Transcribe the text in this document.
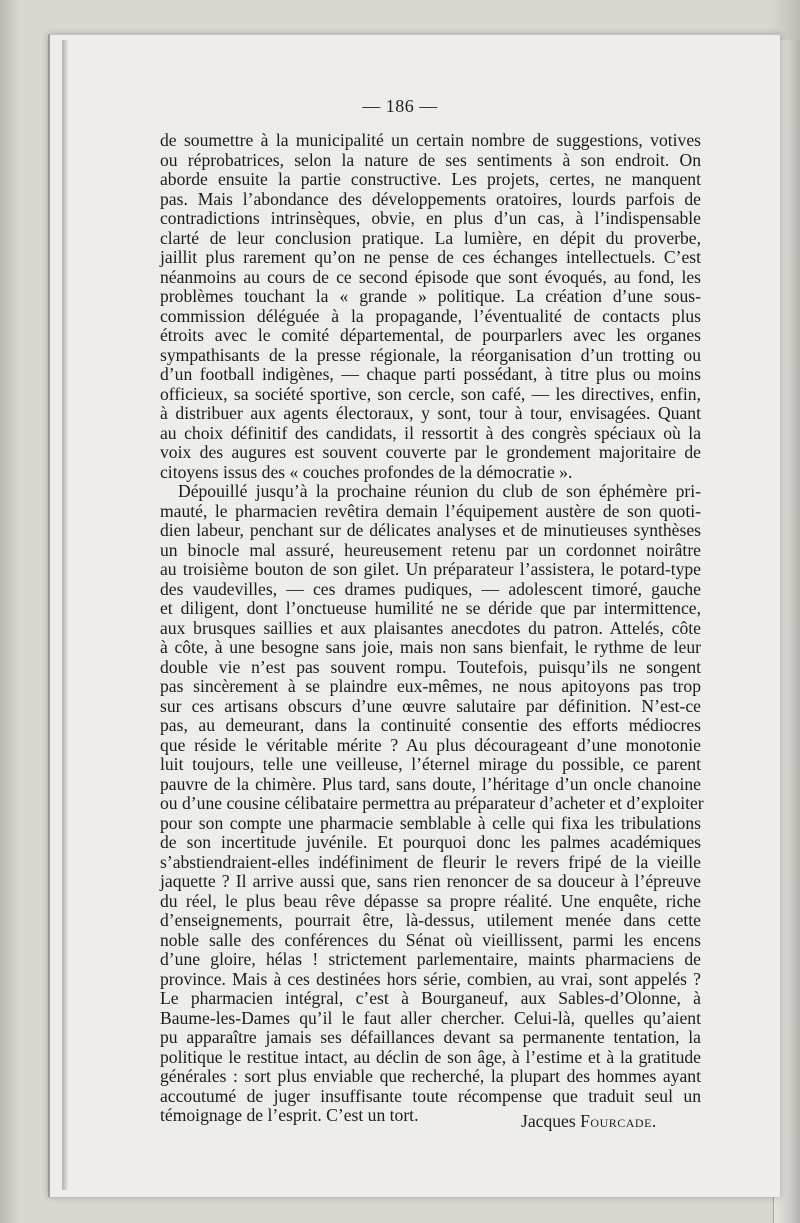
— 186 —
de soumettre à la municipalité un certain nombre de suggestions, votives
ou réprobatrices, selon la nature de ses sentiments à son endroit. On
aborde ensuite la partie constructive. Les projets, certes, ne manquent
pas. Mais l’abondance des développements oratoires, lourds parfois de
contradictions intrinsèques, obvie, en plus d’un cas, à l’indispensable
clarté de leur conclusion pratique. La lumière, en dépit du proverbe,
jaillit plus rarement qu’on ne pense de ces échanges intellectuels. C’est
néanmoins au cours de ce second épisode que sont évoqués, au fond, les
problèmes touchant la « grande » politique. La création d’une sous-
commission déléguée à la propagande, l’éventualité de contacts plus
étroits avec le comité départemental, de pourparlers avec les organes
sympathisants de la presse régionale, la réorganisation d’un trotting ou
d’un football indigènes, — chaque parti possédant, à titre plus ou moins
officieux, sa société sportive, son cercle, son café, — les directives, enfin,
à distribuer aux agents électoraux, y sont, tour à tour, envisagées. Quant
au choix définitif des candidats, il ressortit à des congrès spéciaux où la
voix des augures est souvent couverte par le grondement majoritaire de
citoyens issus des « couches profondes de la démocratie ».
Dépouillé jusqu’à la prochaine réunion du club de son éphémère pri-
mauté, le pharmacien revêtira demain l’équipement austère de son quoti-
dien labeur, penchant sur de délicates analyses et de minutieuses synthèses
un binocle mal assuré, heureusement retenu par un cordonnet noirâtre
au troisième bouton de son gilet. Un préparateur l’assistera, le potard-type
des vaudevilles, — ces drames pudiques, — adolescent timoré, gauche
et diligent, dont l’onctueuse humilité ne se déride que par intermittence,
aux brusques saillies et aux plaisantes anecdotes du patron. Attelés, côte
à côte, à une besogne sans joie, mais non sans bienfait, le rythme de leur
double vie n’est pas souvent rompu. Toutefois, puisqu’ils ne songent
pas sincèrement à se plaindre eux-mêmes, ne nous apitoyons pas trop
sur ces artisans obscurs d’une œuvre salutaire par définition. N’est-ce
pas, au demeurant, dans la continuité consentie des efforts médiocres
que réside le véritable mérite ? Au plus décourageant d’une monotonie
luit toujours, telle une veilleuse, l’éternel mirage du possible, ce parent
pauvre de la chimère. Plus tard, sans doute, l’héritage d’un oncle chanoine
ou d’une cousine célibataire permettra au préparateur d’acheter et d’exploiter
pour son compte une pharmacie semblable à celle qui fixa les tribulations
de son incertitude juvénile. Et pourquoi donc les palmes académiques
s’abstiendraient-elles indéfiniment de fleurir le revers fripé de la vieille
jaquette ? Il arrive aussi que, sans rien renoncer de sa douceur à l’épreuve
du réel, le plus beau rêve dépasse sa propre réalité. Une enquête, riche
d’enseignements, pourrait être, là-dessus, utilement menée dans cette
noble salle des conférences du Sénat où vieillissent, parmi les encens
d’une gloire, hélas ! strictement parlementaire, maints pharmaciens de
province. Mais à ces destinées hors série, combien, au vrai, sont appelés ?
Le pharmacien intégral, c’est à Bourganeuf, aux Sables-d’Olonne, à
Baume-les-Dames qu’il le faut aller chercher. Celui-là, quelles qu’aient
pu apparaître jamais ses défaillances devant sa permanente tentation, la
politique le restitue intact, au déclin de son âge, à l’estime et à la gratitude
générales : sort plus enviable que recherché, la plupart des hommes ayant
accoutumé de juger insuffisante toute récompense que traduit seul un
témoignage de l’esprit. C’est un tort.	Jacques Fourcade.
